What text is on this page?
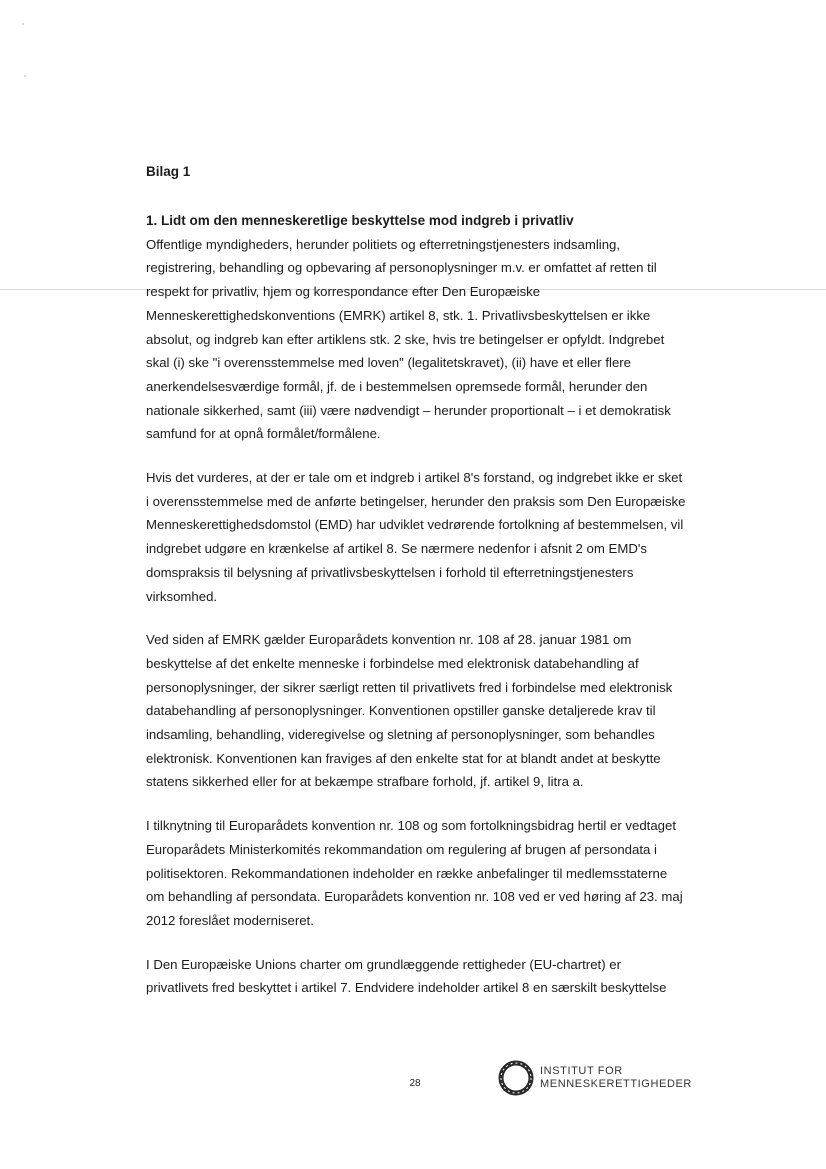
Bilag 1

1. Lidt om den menneskeretlige beskyttelse mod indgreb i privatliv

Offentlige myndigheders, herunder politiets og efterretningstjenesters indsamling, registrering, behandling og opbevaring af personoplysninger m.v. er omfattet af retten til respekt for privatliv, hjem og korrespondance efter Den Europæiske Menneskerettighedskonventions (EMRK) artikel 8, stk. 1. Privatlivsbeskyttelsen er ikke absolut, og indgreb kan efter artiklens stk. 2 ske, hvis tre betingelser er opfyldt. Indgrebet skal (i) ske "i overensstemmelse med loven" (legalitetskravet), (ii) have et eller flere anerkendelsesværdige formål, jf. de i bestemmelsen opremsede formål, herunder den nationale sikkerhed, samt (iii) være nødvendigt – herunder proportionalt – i et demokratisk samfund for at opnå formålet/formålene.

Hvis det vurderes, at der er tale om et indgreb i artikel 8's forstand, og indgrebet ikke er sket i overensstemmelse med de anførte betingelser, herunder den praksis som Den Europæiske Menneskerettighedsdomstol (EMD) har udviklet vedrørende fortolkning af bestemmelsen, vil indgrebet udgøre en krænkelse af artikel 8. Se nærmere nedenfor i afsnit 2 om EMD's domspraksis til belysning af privatlivsbeskyttelsen i forhold til efterretningstjenesters virksomhed.

Ved siden af EMRK gælder Europarådets konvention nr. 108 af 28. januar 1981 om beskyttelse af det enkelte menneske i forbindelse med elektronisk databehandling af personoplysninger, der sikrer særligt retten til privatlivets fred i forbindelse med elektronisk databehandling af personoplysninger. Konventionen opstiller ganske detaljerede krav til indsamling, behandling, videregivelse og sletning af personoplysninger, som behandles elektronisk. Konventionen kan fraviges af den enkelte stat for at blandt andet at beskytte statens sikkerhed eller for at bekæmpe strafbare forhold, jf. artikel 9, litra a.

I tilknytning til Europarådets konvention nr. 108 og som fortolkningsbidrag hertil er vedtaget Europarådets Ministerkomités rekommandation om regulering af brugen af persondata i politisektoren. Rekommandationen indeholder en række anbefalinger til medlemsstaterne om behandling af persondata. Europarådets konvention nr. 108 ved er ved høring af 23. maj 2012 foreslået moderniseret.

I Den Europæiske Unions charter om grundlæggende rettigheder (EU-chartret) er privatlivets fred beskyttet i artikel 7. Endvidere indeholder artikel 8 en særskilt beskyttelse

28
INSTITUT FOR
MENNESKERETTIGHEDER
